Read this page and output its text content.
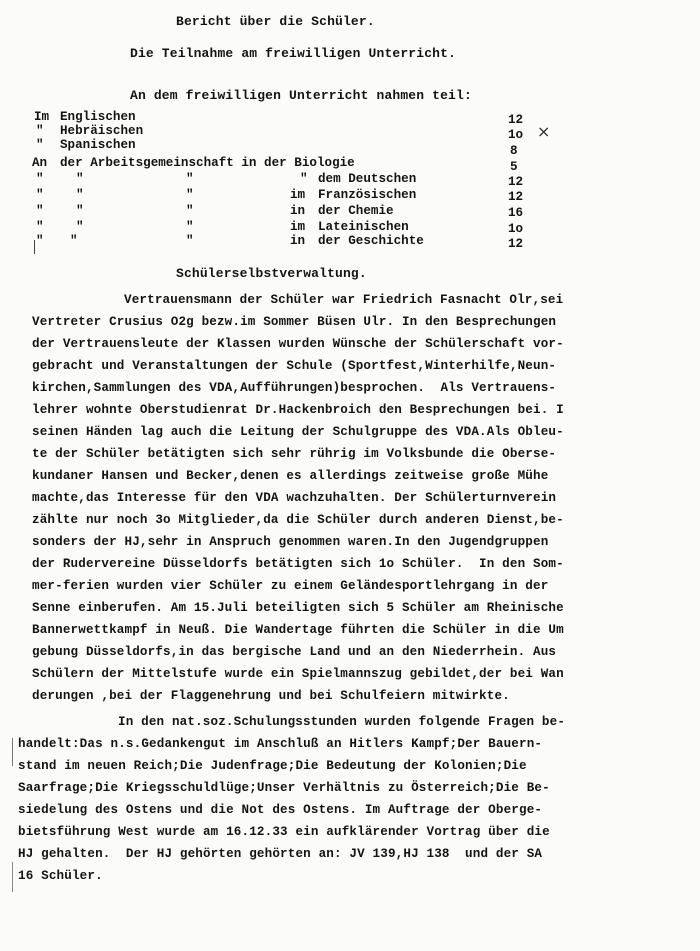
Bericht über die Schüler.
Die Teilnahme am freiwilligen Unterricht.
An dem freiwilligen Unterricht nahmen teil:
Im Englischen	12
" Hebräischen	1o
" Spanischen	8
An der Arbeitsgemeinschaft in der Biologie	5
"	"	"	" dem Deutschen	12
"	"	"	im Französischen	12
"	"	"	in der Chemie	16
"	"	"	im Lateinischen	1o
" "	"	in der Geschichte	12
×
Schülerselbstverwaltung.
Vertrauensmann der Schüler war Friedrich Fasnacht Olr,sei
Vertreter Crusius O2g bezw.im Sommer Büsen Ulr. In den Besprechungen
der Vertrauensleute der Klassen wurden Wünsche der Schülerschaft vor-
gebracht und Veranstaltungen der Schule (Sportfest,Winterhilfe,Neun-
kirchen,Sammlungen des VDA,Aufführungen)besprochen.  Als Vertrauens-
lehrer wohnte Oberstudienrat Dr.Hackenbroich den Besprechungen bei. I
seinen Händen lag auch die Leitung der Schulgruppe des VDA.Als Obleu-
te der Schüler betätigten sich sehr rührig im Volksbunde die Oberse-
kundaner Hansen und Becker,denen es allerdings zeitweise große Mühe
machte,das Interesse für den VDA wachzuhalten. Der Schülerturnverein
zählte nur noch 3o Mitglieder,da die Schüler durch anderen Dienst,be-
sonders der HJ,sehr in Anspruch genommen waren.In den Jugendgruppen
der Rudervereine Düsseldorfs betätigten sich 1o Schüler.  In den Som-
mer-ferien wurden vier Schüler zu einem Geländesportlehrgang in der
Senne einberufen. Am 15.Juli beteiligten sich 5 Schüler am Rheinische
Bannerwettkampf in Neuß. Die Wandertage führten die Schüler in die Um
gebung Düsseldorfs,in das bergische Land und an den Niederrhein. Aus
Schülern der Mittelstufe wurde ein Spielmannszug gebildet,der bei Wan
derungen ,bei der Flaggenehrung und bei Schulfeiern mitwirkte.
In den nat.soz.Schulungsstunden wurden folgende Fragen be-
handelt:Das n.s.Gedankengut im Anschluß an Hitlers Kampf;Der Bauern-
stand im neuen Reich;Die Judenfrage;Die Bedeutung der Kolonien;Die
Saarfrage;Die Kriegsschuldlüge;Unser Verhältnis zu Österreich;Die Be-
siedelung des Ostens und die Not des Ostens. Im Auftrage der Oberge-
bietsführung West wurde am 16.12.33 ein aufklärender Vortrag über die
HJ gehalten.  Der HJ gehörten gehörten an: JV 139,HJ 138  und der SA
16 Schüler.
